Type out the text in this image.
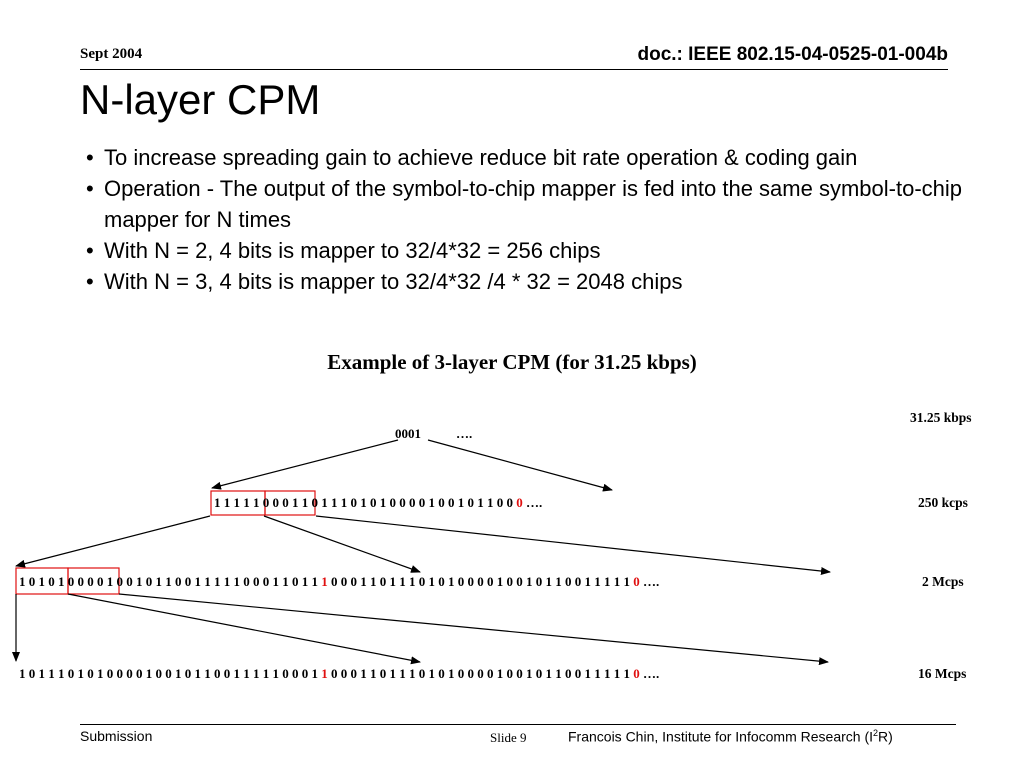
Sept 2004	doc.: IEEE 802.15-04-0525-01-004b
N-layer CPM
• To increase spreading gain to achieve reduce bit rate operation & coding gain
• Operation - The output of the symbol-to-chip mapper is fed into the same symbol-to-chip mapper for N times
• With N = 2, 4 bits is mapper to 32/4*32 = 256 chips
• With N = 3, 4 bits is mapper to 32/4*32 /4 * 32 = 2048 chips
Example of 3-layer CPM (for 31.25 kbps)
0001	….
31.25 kbps
1 1 1 1 1 0 0 0 1 1 0 1 1 1 0 1 0 1 0 0 0 0 1 0 0 1 0 1 1 0 0 0 ….	250 kcps
1 0 1 0 1 0 0 0 0 1 0 0 1 0 1 1 0 0 1 1 1 1 1 0 0 0 1 1 0 1 1 1 0 0 0 1 1 0 1 1 1 0 1 0 1 0 0 0 0 1 0 0 1 0 1 1 0 0 1 1 1 1 1 0 ….	2 Mcps
1 0 1 1 1 0 1 0 1 0 0 0 0 1 0 0 1 0 1 1 0 0 1 1 1 1 1 0 0 0 1 1 0 0 0 1 1 0 1 1 1 0 1 0 1 0 0 0 0 1 0 0 1 0 1 1 0 0 1 1 1 1 1 0 ….	16 Mcps
Submission	Slide 9	Francois Chin, Institute for Infocomm Research $(I^2R)$
